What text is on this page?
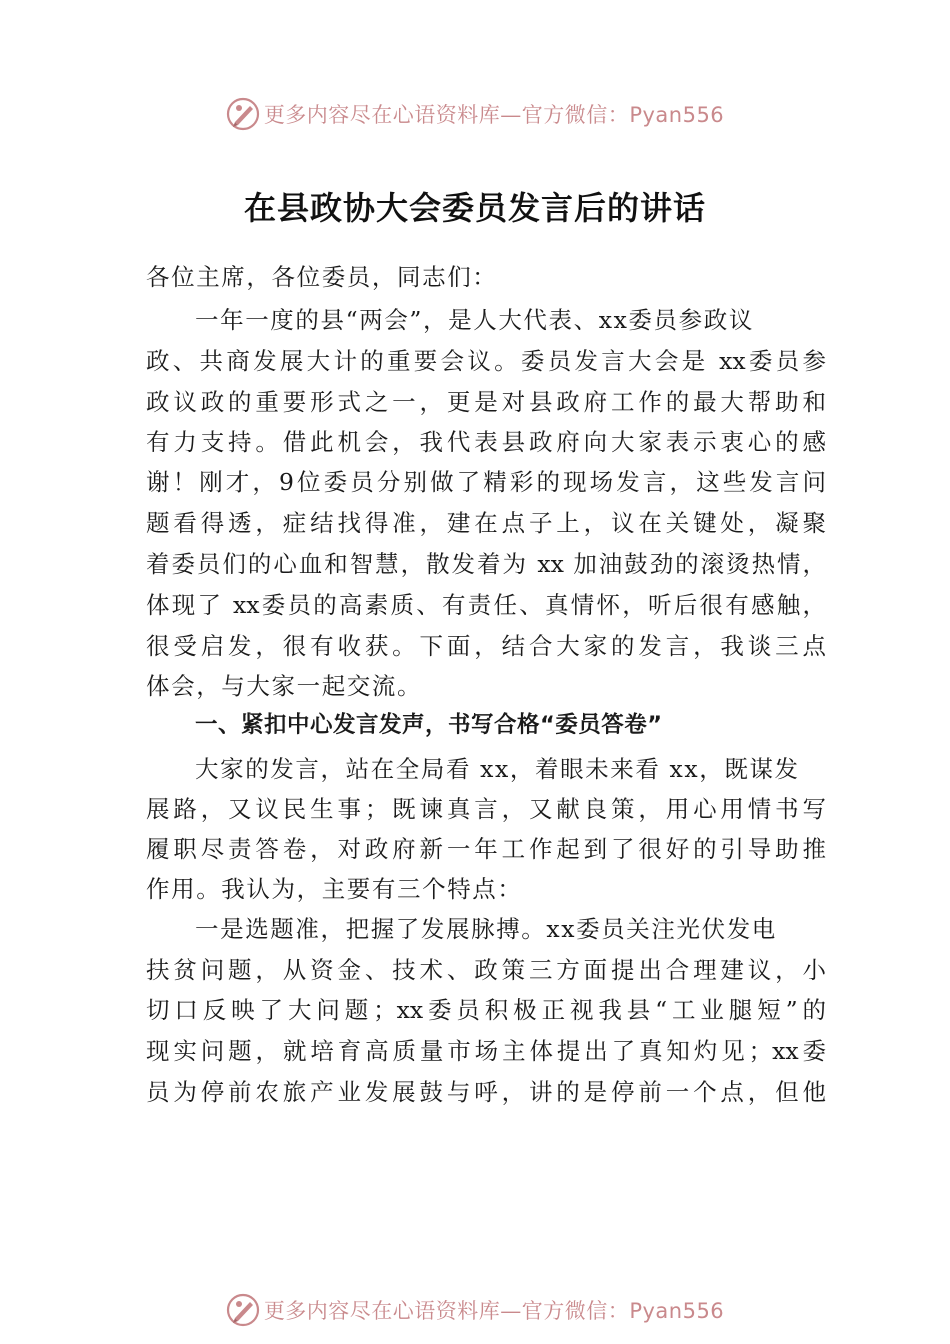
更多内容尽在心语资料库—官方微信：Pyan556
在县政协大会委员发言后的讲话
各位主席，各位委员，同志们：
一年一度的县“两会”，是人大代表、xx委员参政议
政、共商发展大计的重要会议。委员发言大会是 xx委员参
政议政的重要形式之一，更是对县政府工作的最大帮助和
有力支持。借此机会，我代表县政府向大家表示衷心的感
谢！刚才，9位委员分别做了精彩的现场发言，这些发言问
题看得透，症结找得准，建在点子上，议在关键处，凝聚
着委员们的心血和智慧，散发着为 xx 加油鼓劲的滚烫热情，
体现了 xx委员的高素质、有责任、真情怀，听后很有感触，
很受启发，很有收获。下面，结合大家的发言，我谈三点
体会，与大家一起交流。
一、紧扣中心发言发声，书写合格“委员答卷”
大家的发言，站在全局看 xx，着眼未来看 xx，既谋发
展路，又议民生事；既谏真言，又献良策，用心用情书写
履职尽责答卷，对政府新一年工作起到了很好的引导助推
作用。我认为，主要有三个特点：
一是选题准，把握了发展脉搏。xx委员关注光伏发电
扶贫问题，从资金、技术、政策三方面提出合理建议，小
切口反映了大问题；xx委员积极正视我县“工业腿短”的
现实问题，就培育高质量市场主体提出了真知灼见；xx委
员为停前农旅产业发展鼓与呼，讲的是停前一个点，但他
更多内容尽在心语资料库—官方微信：Pyan556
